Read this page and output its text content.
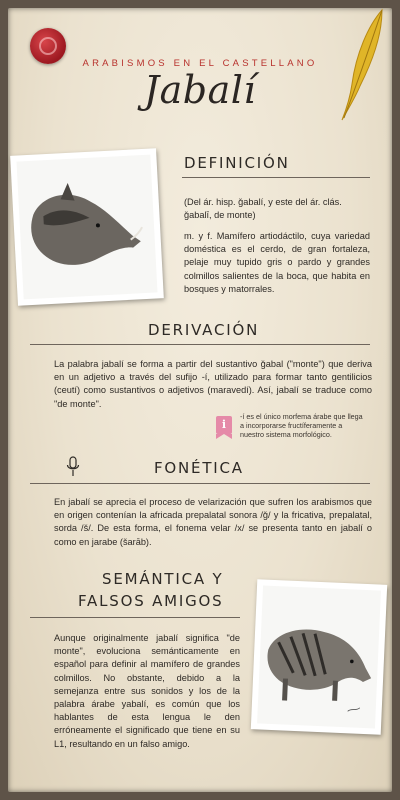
ARABISMOS EN EL CASTELLANO
Jabalí
DEFINICIÓN
(Del ár. hisp. ǧabalí, y este del ár. clás. ǧabalī, de monte)
m. y f. Mamífero artiodáctilo, cuya variedad doméstica es el cerdo, de gran fortaleza, pelaje muy tupido gris o pardo y grandes colmillos salientes de la boca, que habita en bosques y matorrales.
DERIVACIÓN
La palabra jabalí se forma a partir del sustantivo ǧabal ("monte") que deriva en un adjetivo a través del sufijo -í, utilizado para formar tanto gentilicios (ceutí) como sustantivos o adjetivos (maravedí). Así, jabalí se traduce como "de monte".
i
-í es el único morfema árabe que llega a incorporarse fructíferamente a nuestro sistema morfológico.
FONÉTICA
En jabalí se aprecia el proceso de velarización que sufren los arabismos que en origen contenían la africada prepalatal sonora /ǧ/ y la fricativa, prepalatal, sorda /š/. De esta forma, el fonema velar /x/ se presenta tanto en jabalí o como en jarabe (šarāb).
SEMÁNTICA Y
FALSOS AMIGOS
Aunque originalmente jabalí significa "de monte", evoluciona semánticamente en español para definir al mamífero de grandes colmillos. No obstante, debido a la semejanza entre sus sonidos y los de la palabra árabe yabalí, es común que los hablantes de esta lengua le den erróneamente el significado que tiene en su L1, resultando en un falso amigo.
